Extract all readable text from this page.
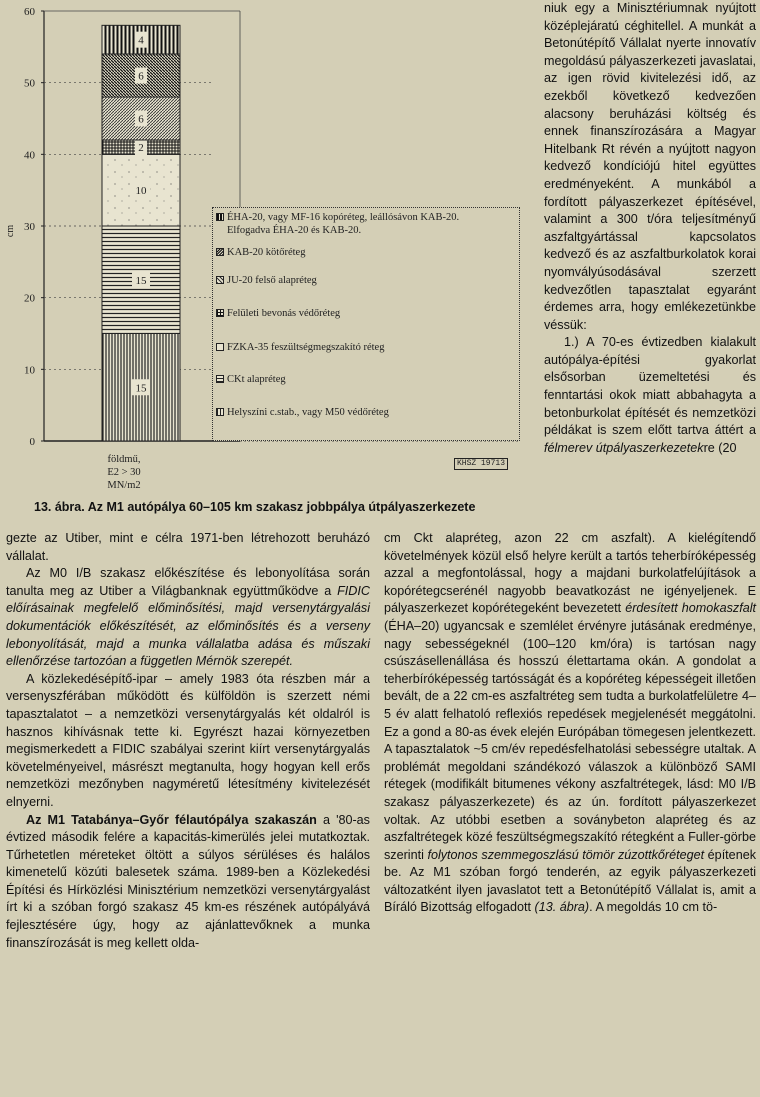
0
10
20
30
40
50
60
cm
15
15
10
2
6
6
4
ÉHA-20, vagy MF-16 kopóréteg, leállósávon KAB-20.
Elfogadva ÉHA-20 és KAB-20.
KAB-20 kötőréteg
JU-20 felső alapréteg
Felületi bevonás védőréteg
FZKA-35 feszültségmegszakító réteg
CKt alapréteg
Helyszíni c.stab., vagy M50 védőréteg
földmű,
E2 > 30
MN/m2
KHSZ 19713
13. ábra. Az M1 autópálya 60–105 km szakasz jobbpálya útpályaszerkezete

niuk egy a Minisztériumnak nyújtott középlejáratú céghitellel. A munkát a Betonútépítő Vállalat nyerte innovatív megoldású pályaszerkezeti javaslatai, az igen rövid kivitelezési idő, az ezekből következő kedvezően alacsony beruházási költség és ennek finanszírozására a Magyar Hitelbank Rt révén a nyújtott nagyon kedvező kondíciójú hitel együttes eredményeként. A munkából a fordított pályaszerkezet építésével, valamint a 300 t/óra teljesítményű aszfaltgyártással kapcsolatos kedvező és az aszfaltburkolatok korai nyomvályúsodásával szerzett kedvezőtlen tapasztalat egyaránt érdemes arra, hogy emlékezetünkbe véssük:

1.) A 70-es évtizedben kialakult autópálya-építési gyakorlat elsősorban üzemeltetési és fenntartási okok miatt abbahagyta a betonburkolat építését és nemzetközi példákat is szem előtt tartva áttért a félmerev útpályaszerkezetekre (20

gezte az Utiber, mint e célra 1971-ben létrehozott beruházó vállalat.

Az M0 I/B szakasz előkészítése és lebonyolítása során tanulta meg az Utiber a Világbanknak együttműködve a FIDIC előírásainak megfelelő előminősítési, majd versenytárgyalási dokumentációk előkészítését, az előminősítés és a verseny lebonyolítását, majd a munka vállalatba adása és műszaki ellenőrzése tartozóan a független Mérnök szerepét.

A közlekedésépítő-ipar – amely 1983 óta részben már a versenyszférában működött és külföldön is szerzett némi tapasztalatot – a nemzetközi versenytárgyalás két oldalról is hasznos kihívásnak tette ki. Egyrészt hazai környezetben megismerkedett a FIDIC szabályai szerint kiírt versenytárgyalás követelményeivel, másrészt megtanulta, hogy hogyan kell erős nemzetközi mezőnyben nagyméretű létesítmény kivitelezését elnyerni.

Az M1 Tatabánya–Győr félautópálya szakaszán a '80-as évtized második felére a kapacitás-kimerülés jelei mutatkoztak. Tűrhetetlen méreteket öltött a súlyos sérüléses és halálos kimenetelű közúti balesetek száma. 1989-ben a Közlekedési Építési és Hírközlési Minisztérium nemzetközi versenytárgyalást írt ki a szóban forgó szakasz 45 km-es részének autópályává fejlesztésére úgy, hogy az ajánlattevőknek a munka finanszírozását is meg kellett olda-

cm Ckt alapréteg, azon 22 cm aszfalt). A kielégítendő követelmények közül első helyre került a tartós teherbíróképesség azzal a megfontolással, hogy a majdani burkolatfelújítások a kopórétegcserénél nagyobb beavatkozást ne igényeljenek. E pályaszerkezet kopórétegeként bevezetett érdesített homokaszfalt (ÉHA–20) ugyancsak e szemlélet érvényre jutásának eredménye, nagy sebességeknél (100–120 km/óra) is tartósan nagy csúszásellenállása és hosszú élettartama okán. A gondolat a teherbíróképesség tartósságát és a kopóréteg képességeit illetően bevált, de a 22 cm-es aszfaltréteg sem tudta a burkolatfelületre 4–5 év alatt felhatoló reflexiós repedések megjelenését meggátolni. Ez a gond a 80-as évek elején Európában tömegesen jelentkezett. A tapasztalatok ~5 cm/év repedésfelhatolási sebességre utaltak. A problémát megoldani szándékozó válaszok a különböző SAMI rétegek (modifikált bitumenes vékony aszfaltrétegek, lásd: M0 I/B szakasz pályaszerkezete) és az ún. fordított pályaszerkezet voltak. Az utóbbi esetben a soványbeton alapréteg és az aszfaltrétegek közé feszültségmegszakító rétegként a Fuller-görbe szerinti folytonos szemmegoszlású tömör zúzottkőréteget építenek be. Az M1 szóban forgó tenderén, az egyik pályaszerkezeti változatként ilyen javaslatot tett a Betonútépítő Vállalat is, amit a Bíráló Bizottság elfogadott (13. ábra). A megoldás 10 cm tö-
